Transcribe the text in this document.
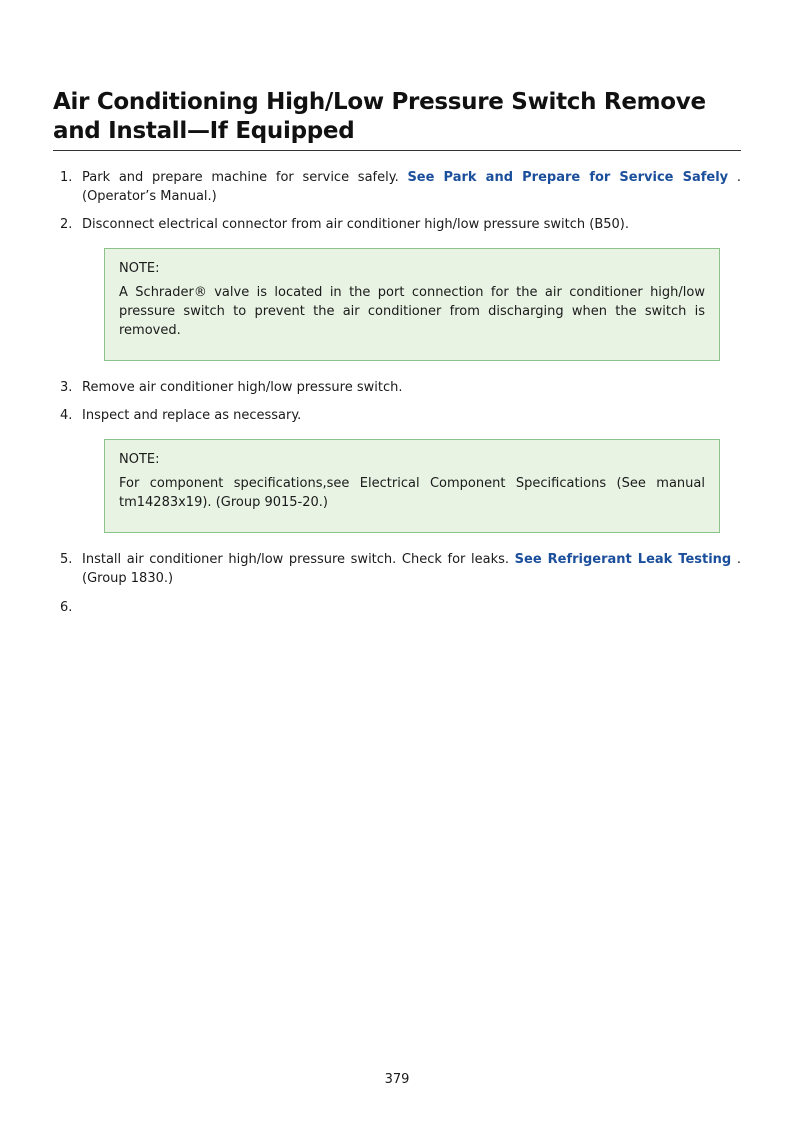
Air Conditioning High/Low Pressure Switch Remove and Install—If Equipped
1. Park and prepare machine for service safely. See Park and Prepare for Service Safely . (Operator’s Manual.)
2. Disconnect electrical connector from air conditioner high/low pressure switch (B50).
NOTE:
A Schrader® valve is located in the port connection for the air conditioner high/low pressure switch to prevent the air conditioner from discharging when the switch is removed.
3. Remove air conditioner high/low pressure switch.
4. Inspect and replace as necessary.
NOTE:
For component specifications,see Electrical Component Specifications (See manual tm14283x19). (Group 9015-20.)
5. Install air conditioner high/low pressure switch. Check for leaks. See Refrigerant Leak Testing . (Group 1830.)
6.
379
